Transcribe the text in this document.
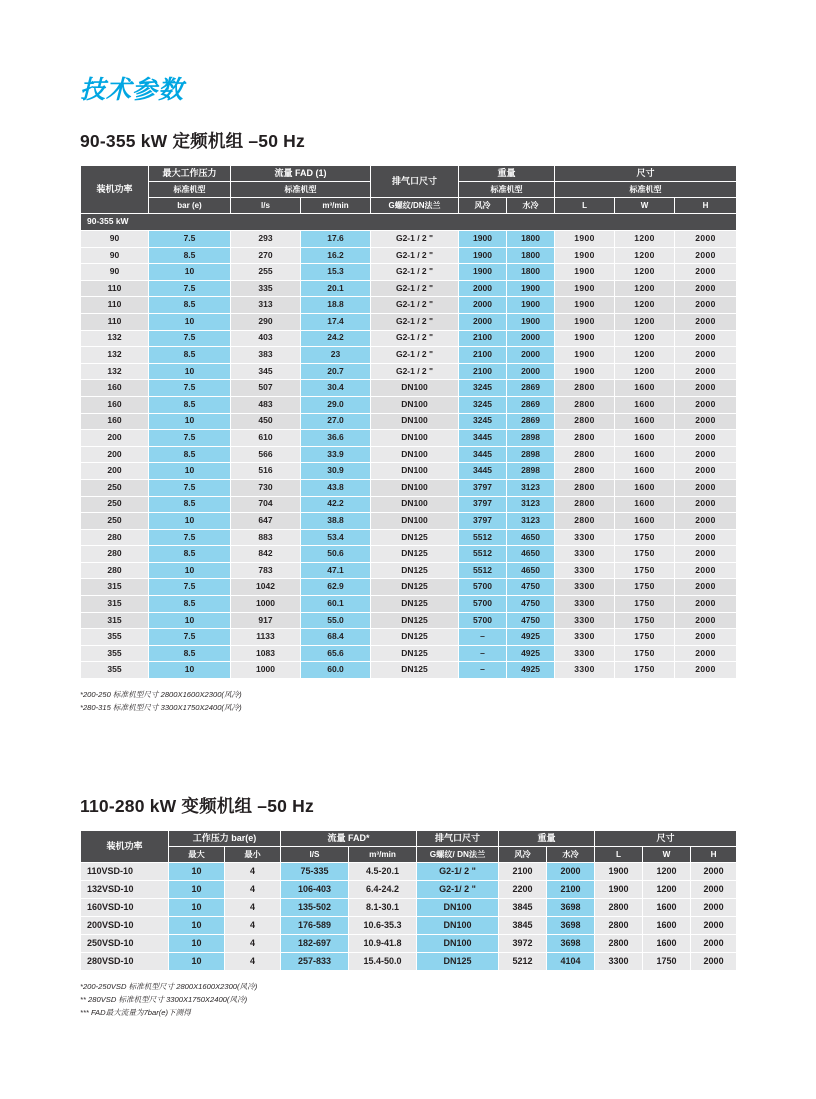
技术参数
90-355 kW 定频机组 –50 Hz
装机功率	最大工作压力	流量 FAD (1)		排气口尺寸	重量		尺寸		
	标准机型	标准机型			标准机型		标准机型		
	bar (e)	l/s	m³/min	G螺纹/DN法兰	风冷	水冷	L	W	H
90-355 kW									
90	7.5	293	17.6	G2-1 / 2 "	1900	1800	1900	1200	2000
90	8.5	270	16.2	G2-1 / 2 "	1900	1800	1900	1200	2000
90	10	255	15.3	G2-1 / 2 "	1900	1800	1900	1200	2000
110	7.5	335	20.1	G2-1 / 2 "	2000	1900	1900	1200	2000
110	8.5	313	18.8	G2-1 / 2 "	2000	1900	1900	1200	2000
110	10	290	17.4	G2-1 / 2 "	2000	1900	1900	1200	2000
132	7.5	403	24.2	G2-1 / 2 "	2100	2000	1900	1200	2000
132	8.5	383	23	G2-1 / 2 "	2100	2000	1900	1200	2000
132	10	345	20.7	G2-1 / 2 "	2100	2000	1900	1200	2000
160	7.5	507	30.4	DN100	3245	2869	2800	1600	2000
160	8.5	483	29.0	DN100	3245	2869	2800	1600	2000
160	10	450	27.0	DN100	3245	2869	2800	1600	2000
200	7.5	610	36.6	DN100	3445	2898	2800	1600	2000
200	8.5	566	33.9	DN100	3445	2898	2800	1600	2000
200	10	516	30.9	DN100	3445	2898	2800	1600	2000
250	7.5	730	43.8	DN100	3797	3123	2800	1600	2000
250	8.5	704	42.2	DN100	3797	3123	2800	1600	2000
250	10	647	38.8	DN100	3797	3123	2800	1600	2000
280	7.5	883	53.4	DN125	5512	4650	3300	1750	2000
280	8.5	842	50.6	DN125	5512	4650	3300	1750	2000
280	10	783	47.1	DN125	5512	4650	3300	1750	2000
315	7.5	1042	62.9	DN125	5700	4750	3300	1750	2000
315	8.5	1000	60.1	DN125	5700	4750	3300	1750	2000
315	10	917	55.0	DN125	5700	4750	3300	1750	2000
355	7.5	1133	68.4	DN125	–	4925	3300	1750	2000
355	8.5	1083	65.6	DN125	–	4925	3300	1750	2000
355	10	1000	60.0	DN125	–	4925	3300	1750	2000
*200-250 标准机型尺寸 2800X1600X2300(风冷)
*280-315 标准机型尺寸 3300X1750X2400(风冷)
110-280 kW 变频机组 –50 Hz
装机功率	工作压力 bar(e)		流量 FAD*		排气口尺寸	重量		尺寸		
	最大	最小	l/S	m³/min	G螺纹/ DN法兰	风冷	水冷	L	W	H
110VSD-10	10	4	75-335	4.5-20.1	G2-1/ 2 "	2100	2000	1900	1200	2000
132VSD-10	10	4	106-403	6.4-24.2	G2-1/ 2 "	2200	2100	1900	1200	2000
160VSD-10	10	4	135-502	8.1-30.1	DN100	3845	3698	2800	1600	2000
200VSD-10	10	4	176-589	10.6-35.3	DN100	3845	3698	2800	1600	2000
250VSD-10	10	4	182-697	10.9-41.8	DN100	3972	3698	2800	1600	2000
280VSD-10	10	4	257-833	15.4-50.0	DN125	5212	4104	3300	1750	2000
*200-250VSD 标准机型尺寸 2800X1600X2300(风冷)
** 280VSD 标准机型尺寸 3300X1750X2400(风冷)
*** FAD最大流量为7bar(e)下测得
